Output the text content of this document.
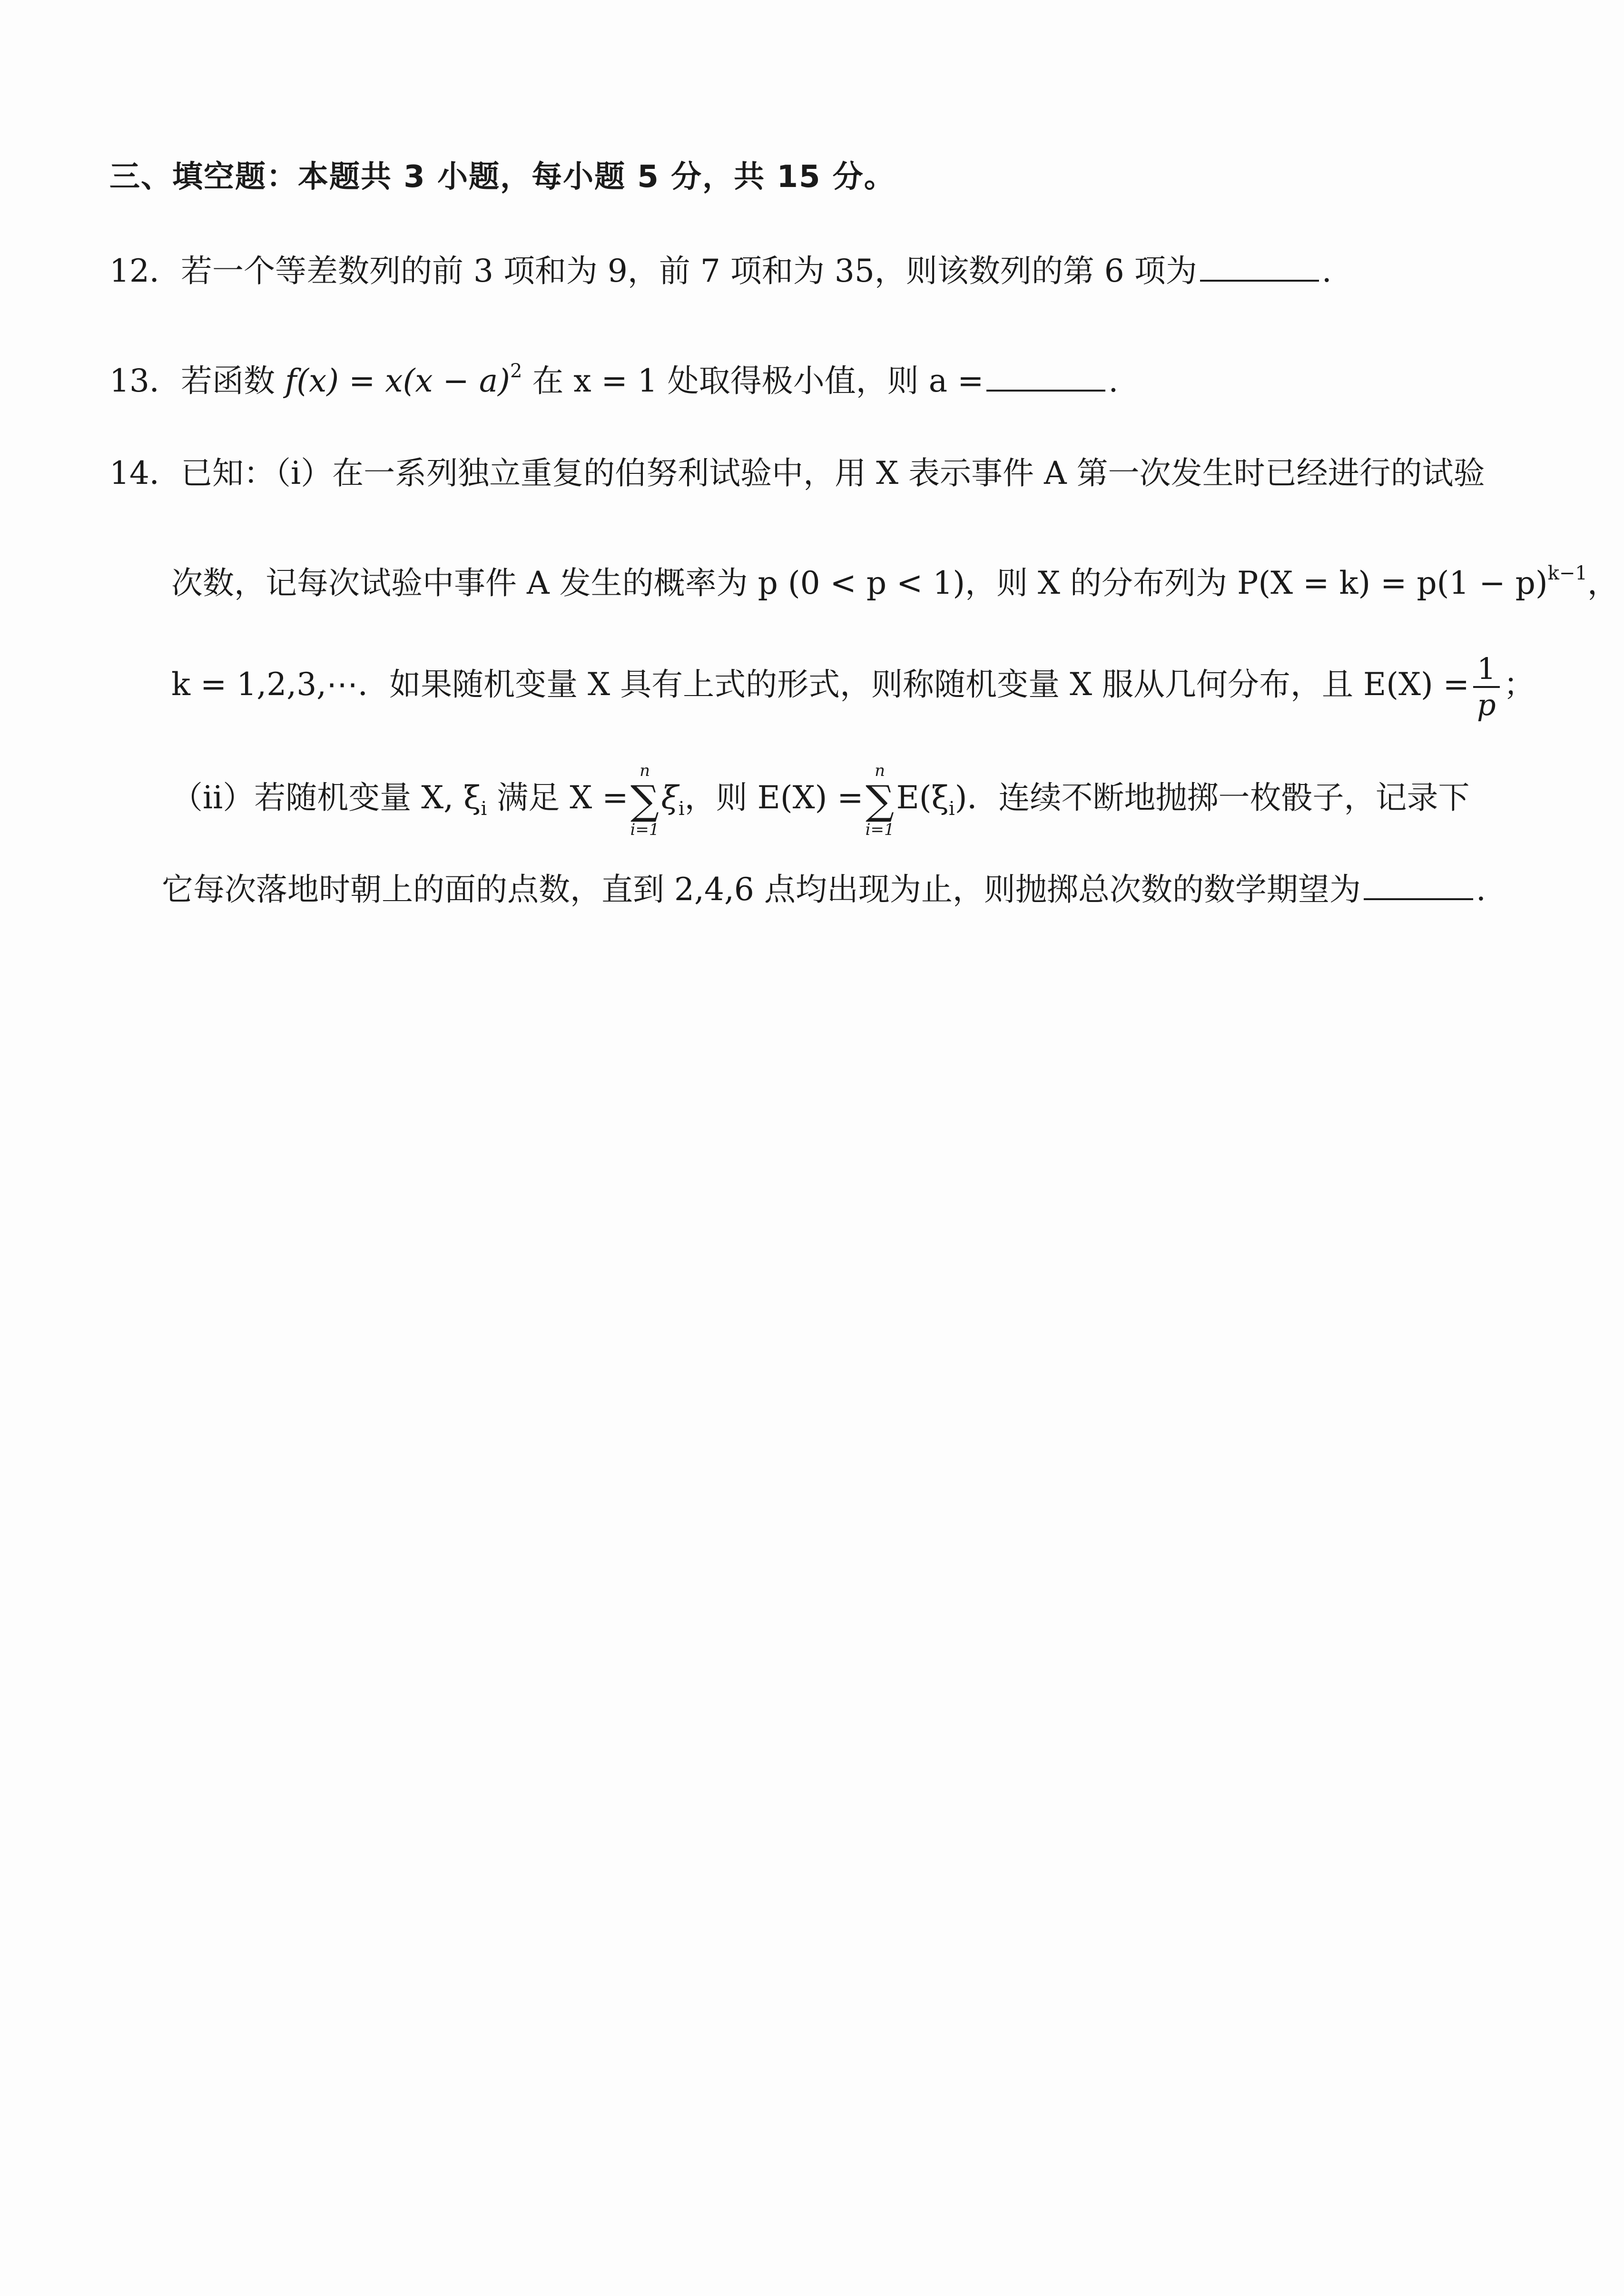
三、填空题：本题共 3 小题，每小题 5 分，共 15 分。
12．若一个等差数列的前 3 项和为 9，前 7 项和为 35，则该数列的第 6 项为	.
13．若函数 $f(x) = x(x - a)^2$ 在 x = 1 处取得极小值，则 a =	.
14．已知：（i）在一系列独立重复的伯努利试验中，用 X 表示事件 A 第一次发生时已经进行的试验
次数，记每次试验中事件 A 发生的概率为 p (0 < p < 1)，则 X 的分布列为 $P(X = k) = p(1 - p)^{k-1}$，
k = 1,2,3,⋯．如果随机变量 X 具有上式的形式，则称随机变量 X 服从几何分布，且 $E(X) = \frac{1}{p}$ ；
（ii）若随机变量 X, $\xi_i$ 满足 X =
n
∑
i=1
$\xi_i$，则 E(X) =
n
∑
i=1
$E(\xi_i)$．连续不断地抛掷一枚骰子，记录下
它每次落地时朝上的面的点数，直到 2,4,6 点均出现为止，则抛掷总次数的数学期望为	.
